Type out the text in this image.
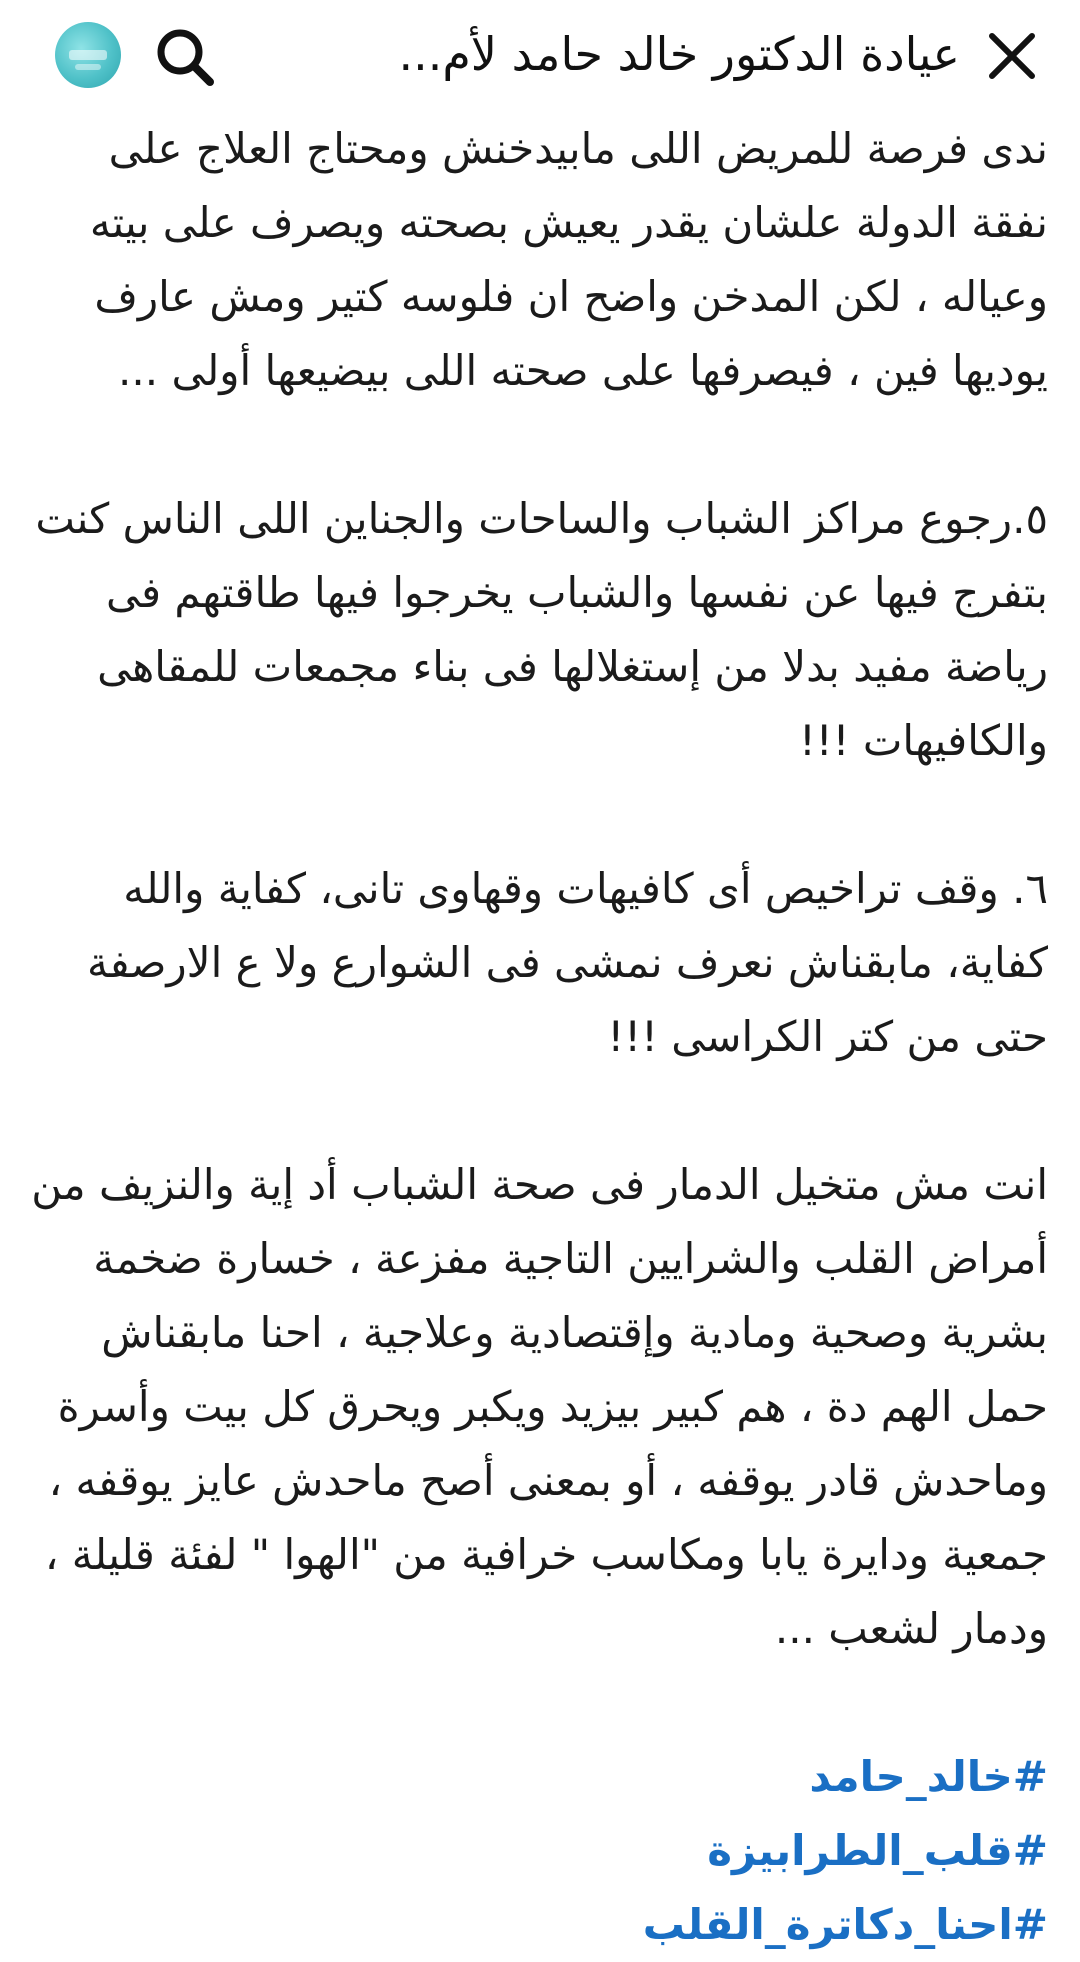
عيادة الدكتور خالد حامد لأم...

ندى فرصة للمريض اللى مابيدخنش ومحتاج العلاج على نفقة الدولة علشان يقدر يعيش بصحته ويصرف على بيته وعياله ، لكن المدخن واضح ان فلوسه كتير ومش عارف يوديها فين ، فيصرفها على صحته اللى بيضيعها أولى ...

٥.رجوع مراكز الشباب والساحات والجناين اللى الناس كنت بتفرج فيها عن نفسها والشباب يخرجوا فيها طاقتهم فى رياضة مفيد بدلا من إستغلالها فى بناء مجمعات للمقاهى والكافيهات !!!

٦. وقف تراخيص أى كافيهات وقهاوى تانى، كفاية والله كفاية، مابقناش نعرف نمشى فى الشوارع ولا ع الارصفة حتى من كتر الكراسى !!!

انت مش متخيل الدمار فى صحة الشباب أد إية والنزيف من أمراض القلب والشرايين التاجية مفزعة ، خسارة ضخمة بشرية وصحية ومادية وإقتصادية وعلاجية ، احنا مابقناش حمل الهم دة ، هم كبير بيزيد ويكبر ويحرق كل بيت وأسرة وماحدش قادر يوقفه ، أو بمعنى أصح ماحدش عايز يوقفه ، جمعية ودايرة يابا ومكاسب خرافية من "الهوا " لفئة قليلة ، ودمار لشعب ...

#خالد_حامد
#قلب_الطرابيزة
#احنا_دكاترة_القلب
